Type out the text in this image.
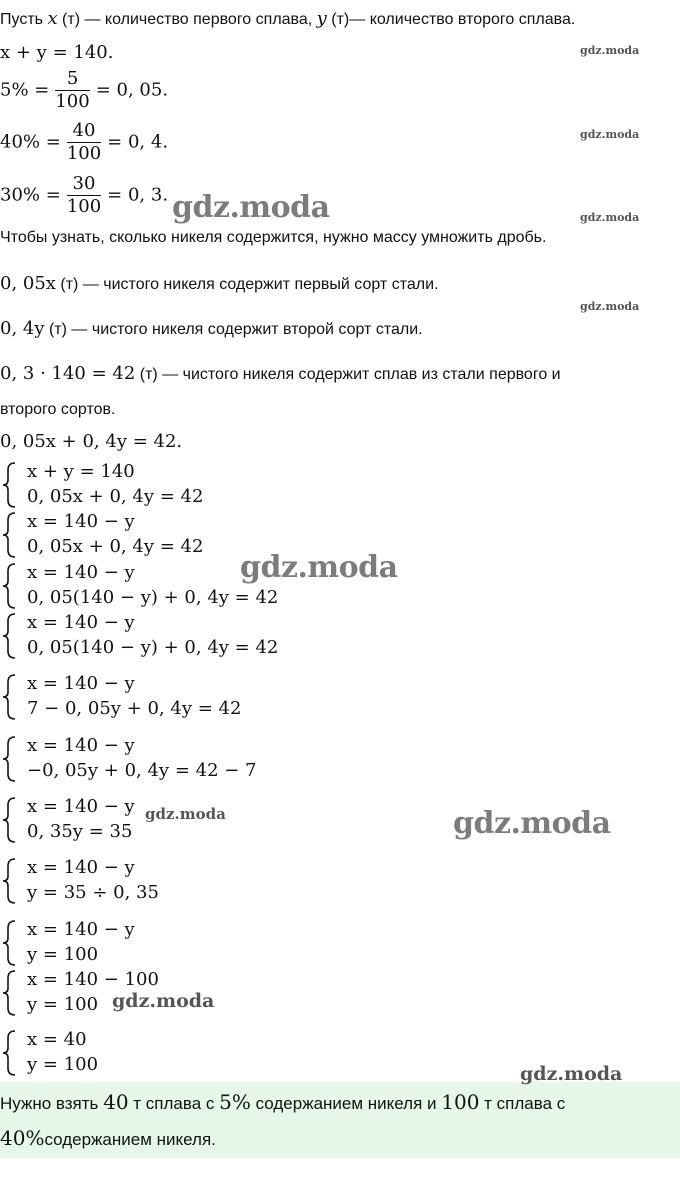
Пусть x (т) — количество первого сплава, y (т)— количество второго сплава.
x + y = 140.
$5\% = \frac{5}{100} = 0$, 05.
$40\% = \frac{40}{100} = 0$, 4.
$30\% = \frac{30}{100} = 0$, 3.
Чтобы узнать, сколько никеля содержится, нужно массу умножить дробь.
0, 05x (т) — чистого никеля содержит первый сорт стали.
0, 4y (т) — чистого никеля содержит второй сорт стали.
0, 3 · 140 = 42 (т) — чистого никеля содержит сплав из стали первого и
второго сортов.
0, 05x + 0, 4y = 42.
x + y = 140
0, 05x + 0, 4y = 42
x = 140 − y
0, 05x + 0, 4y = 42
x = 140 − y
0, 05(140 − y) + 0, 4y = 42
x = 140 − y
0, 05(140 − y) + 0, 4y = 42
x = 140 − y
7 − 0, 05y + 0, 4y = 42
x = 140 − y
−0, 05y + 0, 4y = 42 − 7
x = 140 − y
0, 35y = 35
x = 140 − y
y = 35 ÷ 0, 35
x = 140 − y
y = 100
x = 140 − 100
y = 100
x = 40
y = 100
Нужно взять 40 т сплава с 5% содержанием никеля и 100 т сплава с
40%содержанием никеля.
gdz.moda
gdz.moda
gdz.moda
gdz.moda
gdz.moda
gdz.moda
gdz.moda
gdz.moda
gdz.moda
gdz.moda
